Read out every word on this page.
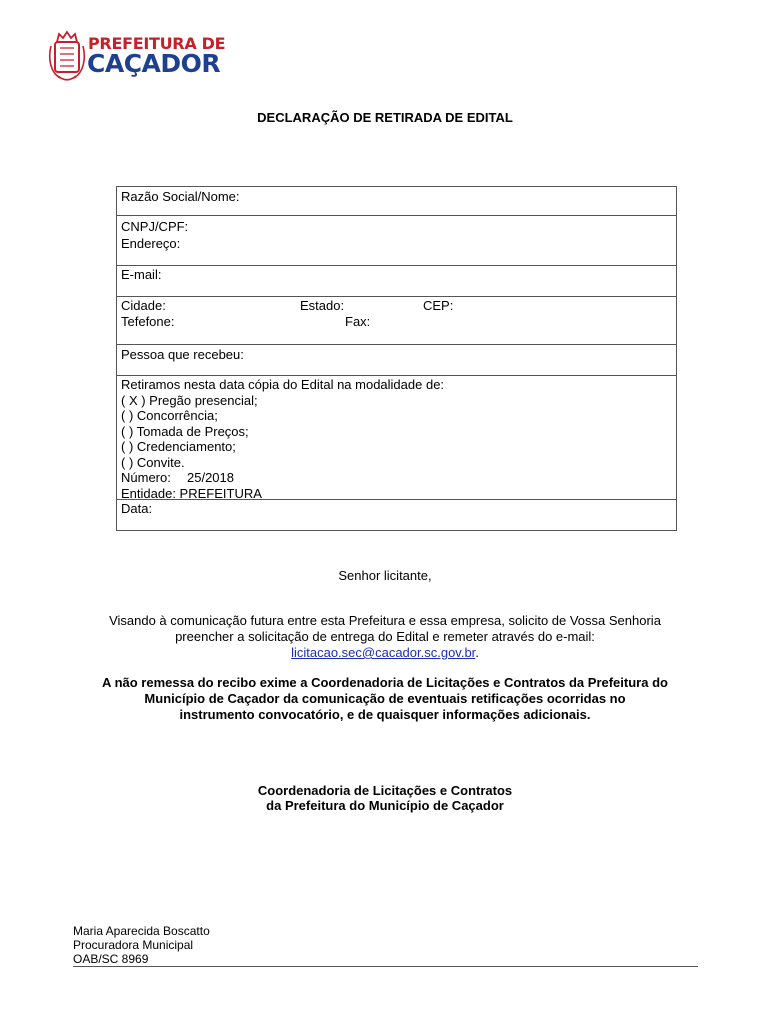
PREFEITURA DE
CAÇADOR
DECLARAÇÃO DE RETIRADA DE EDITAL
Razão Social/Nome:
CNPJ/CPF:
Endereço:
E-mail:
Cidade:	Estado:	CEP:
Tefefone:	Fax:
Pessoa que recebeu:
Retiramos nesta data cópia do Edital na modalidade de:
( X ) Pregão presencial;
( ) Concorrência;
( ) Tomada de Preços;
( ) Credenciamento;
( ) Convite.
Número: 25/2018
Entidade: PREFEITURA
Data:
Senhor licitante,
Visando à comunicação futura entre esta Prefeitura e essa empresa, solicito de Vossa Senhoria
preencher a solicitação de entrega do Edital e remeter através do e-mail:
licitacao.sec@cacador.sc.gov.br.
A não remessa do recibo exime a Coordenadoria de Licitações e Contratos da Prefeitura do
Município de Caçador da comunicação de eventuais retificações ocorridas no
instrumento convocatório, e de quaisquer informações adicionais.
Coordenadoria de Licitações e Contratos
da Prefeitura do Município de Caçador
Maria Aparecida Boscatto
Procuradora Municipal
OAB/SC 8969
